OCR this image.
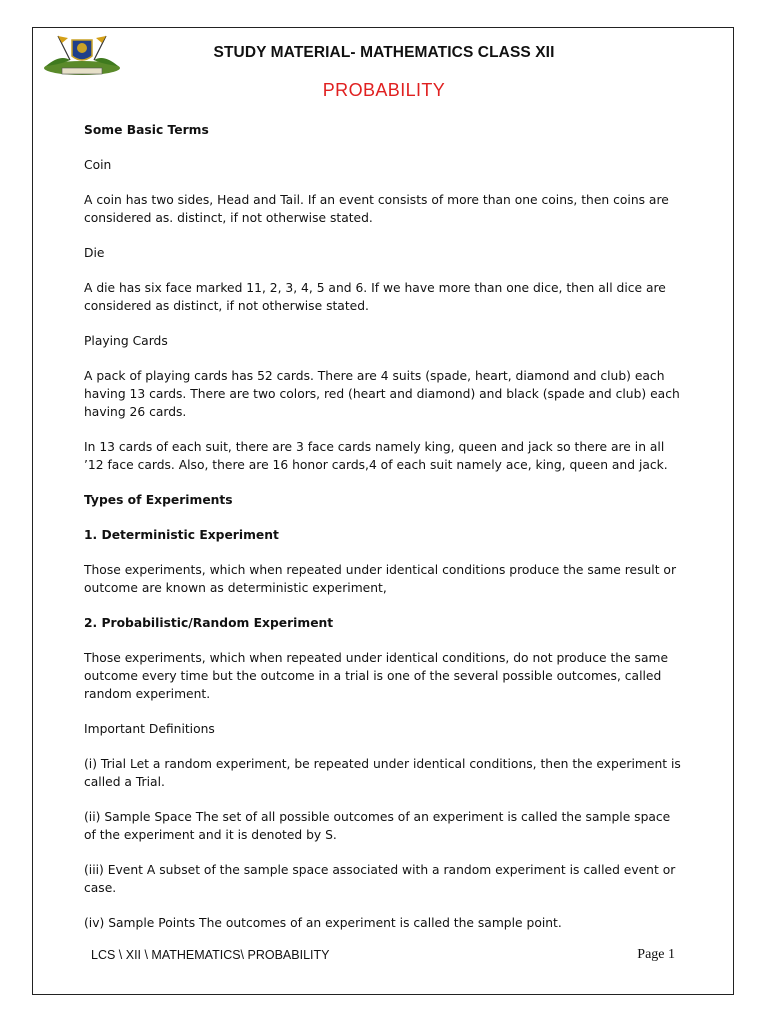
STUDY MATERIAL- MATHEMATICS CLASS XII
PROBABILITY

Some Basic Terms

Coin

A coin has two sides, Head and Tail. If an event consists of more than one coins, then coins are considered as. distinct, if not otherwise stated.

Die

A die has six face marked 11, 2, 3, 4, 5 and 6. If we have more than one dice, then all dice are considered as distinct, if not otherwise stated.

Playing Cards

A pack of playing cards has 52 cards. There are 4 suits (spade, heart, diamond and club) each having 13 cards. There are two colors, red (heart and diamond) and black (spade and club) each having 26 cards.

In 13 cards of each suit, there are 3 face cards namely king, queen and jack so there are in all ’12 face cards. Also, there are 16 honor cards,4 of each suit namely ace, king, queen and jack.

Types of Experiments

1. Deterministic Experiment

Those experiments, which when repeated under identical conditions produce the same result or outcome are known as deterministic experiment,

2. Probabilistic/Random Experiment

Those experiments, which when repeated under identical conditions, do not produce the same outcome every time but the outcome in a trial is one of the several possible outcomes, called random experiment.

Important Definitions

(i) Trial Let a random experiment, be repeated under identical conditions, then the experiment is called a Trial.

(ii) Sample Space The set of all possible outcomes of an experiment is called the sample space of the experiment and it is denoted by S.

(iii) Event A subset of the sample space associated with a random experiment is called event or case.

(iv) Sample Points The outcomes of an experiment is called the sample point.

LCS \ XII \ MATHEMATICS\ PROBABILITY	Page 1
